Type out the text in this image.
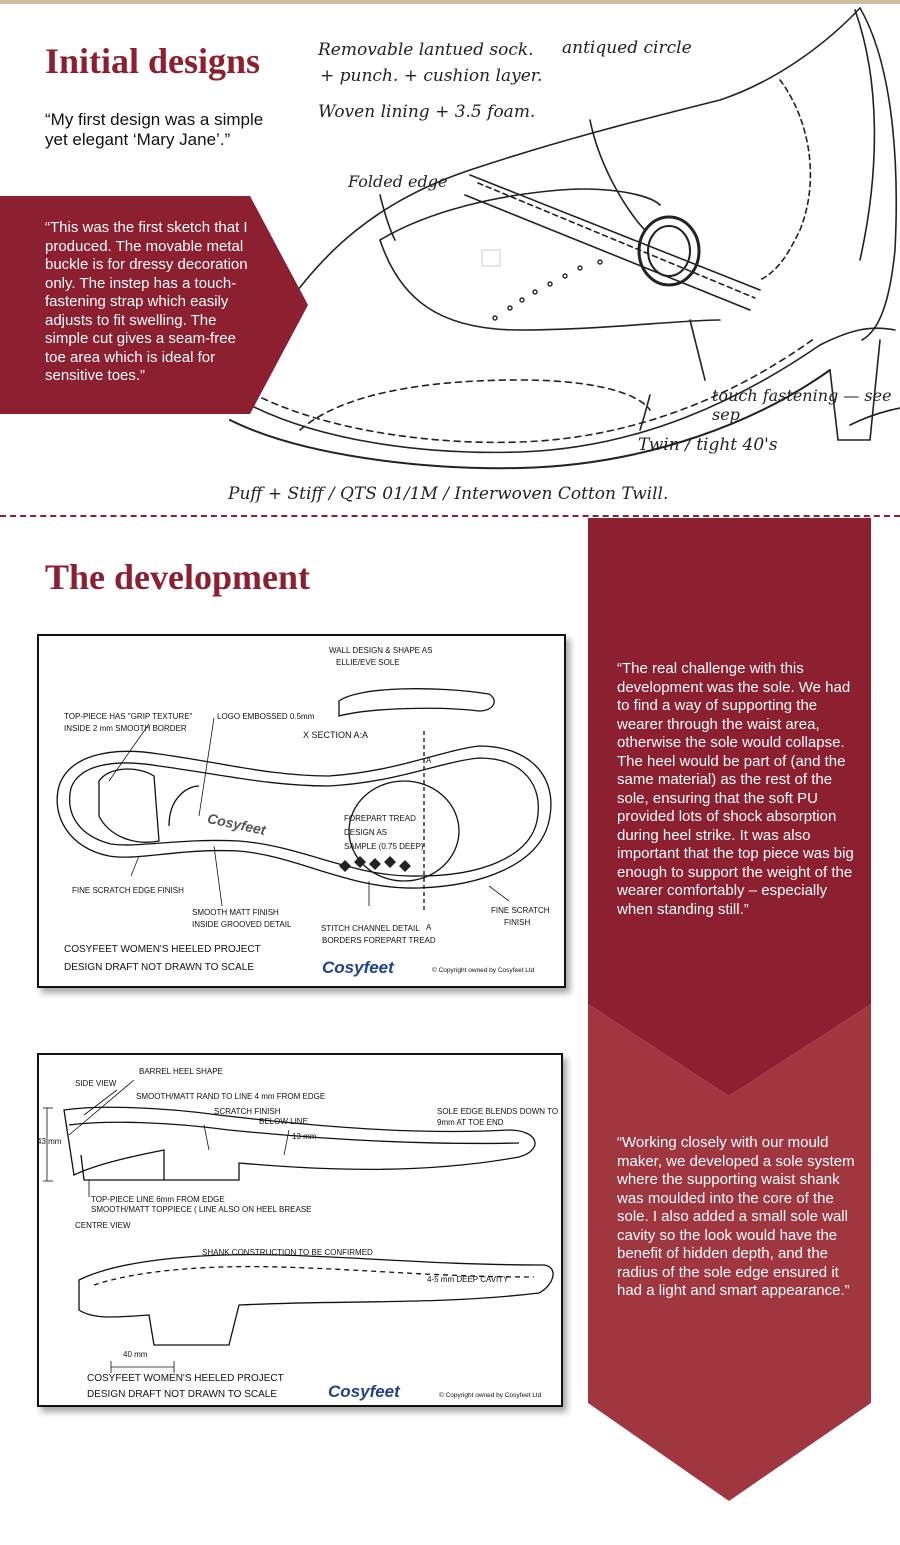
Initial designs
“My first design was a simple yet elegant ‘Mary Jane’.”
“This was the first sketch that I produced. The movable metal buckle is for dressy decoration only. The instep has a touch-fastening strap which easily adjusts to fit swelling. The simple cut gives a seam-free toe area which is ideal for sensitive toes.”
Removable lantued sock.
+ punch. + cushion layer.
Woven lining + 3.5 foam.
antiqued circle
Folded edge
touch fastening — see sep
Twin / tight 40's
Puff + Stiff / QTS 01/1M / Interwoven Cotton Twill.
The development
“The real challenge with this development was the sole. We had to find a way of supporting the wearer through the waist area, otherwise the sole would collapse. The heel would be part of (and the same material) as the rest of the sole, ensuring that the soft PU provided lots of shock absorption during heel strike. It was also important that the top piece was big enough to support the weight of the wearer comfortably – especially when standing still.”
“Working closely with our mould maker, we developed a sole system where the supporting waist shank was moulded into the core of the sole. I also added a small sole wall cavity so the look would have the benefit of hidden depth, and the radius of the sole edge ensured it had a light and smart appearance.”
WALL DESIGN & SHAPE AS
ELLIE/EVE SOLE
TOP-PIECE HAS "GRIP TEXTURE"
INSIDE 2 mm SMOOTH BORDER
LOGO EMBOSSED 0.5mm
X SECTION A:A
A
A
FOREPART TREAD
DESIGN AS
SAMPLE (0.75 DEEP)
FINE SCRATCH EDGE FINISH
SMOOTH MATT FINISH
INSIDE GROOVED DETAIL	STITCH CHANNEL DETAIL
BORDERS FOREPART TREAD
FINE SCRATCH
FINISH
Cosyfeet
COSYFEET WOMEN'S HEELED PROJECT
DESIGN DRAFT NOT DRAWN TO SCALE	Cosyfeet	© Copyright owned by Cosyfeet Ltd
BARREL HEEL SHAPE
SIDE VIEW
SMOOTH/MATT RAND TO LINE 4 mm FROM EDGE
SCRATCH FINISH
BELOW LINE
13 mm
SOLE EDGE BLENDS DOWN TO
9mm AT TOE END
43 mm
TOP-PIECE LINE 6mm FROM EDGE
SMOOTH/MATT TOPPIECE ( LINE ALSO ON HEEL BREASE
CENTRE VIEW
SHANK CONSTRUCTION TO BE CONFIRMED
4-5 mm DEEP CAVITY
40 mm
COSYFEET WOMEN'S HEELED PROJECT
DESIGN DRAFT NOT DRAWN TO SCALE	Cosyfeet	© Copyright owned by Cosyfeet Ltd
